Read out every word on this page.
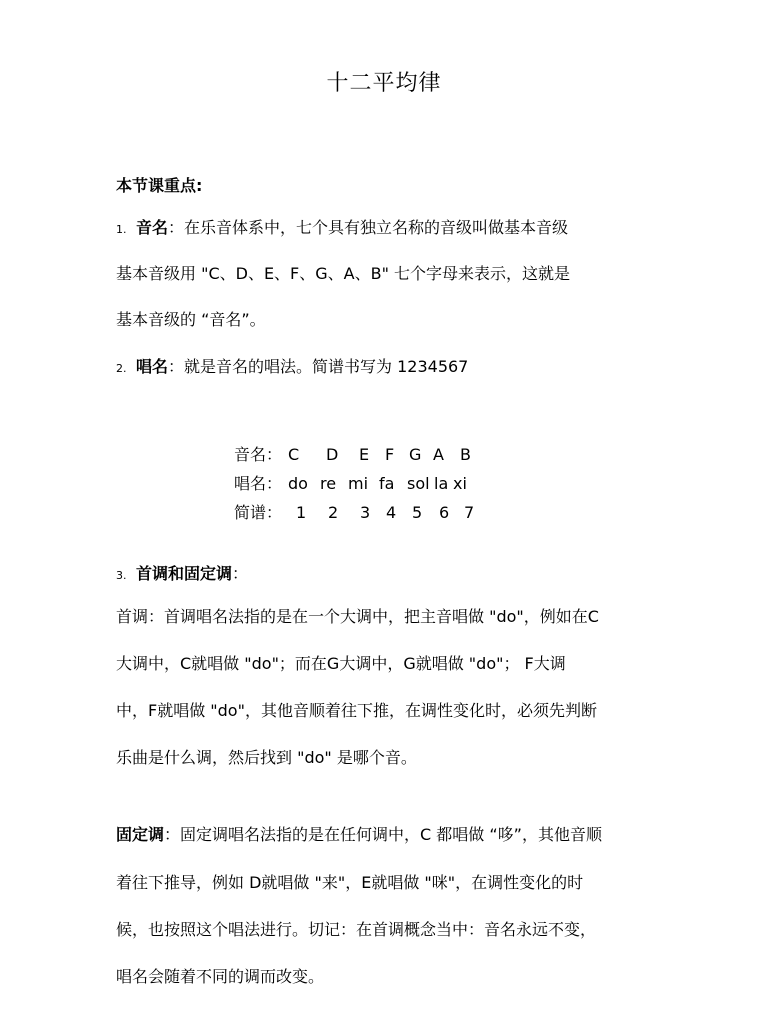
十二平均律
本节课重点:
1. 音名：在乐音体系中，七个具有独立名称的音级叫做基本音级
基本音级用 "C、D、E、F、G、A、B" 七个字母来表示，这就是
基本音级的 “音名”。
2. 唱名：就是音名的唱法。简谱书写为 1234567
音名： C D E F G A B
唱名： do re mi fa sol la xi
简谱： 1 2 3 4 5 6 7
3. 首调和固定调：
首调：首调唱名法指的是在一个大调中，把主音唱做 "do"，例如在C
大调中，C就唱做 "do"；而在G大调中，G就唱做 "do"； F大调
中，F就唱做 "do"，其他音顺着往下推，在调性变化时，必须先判断
乐曲是什么调，然后找到 "do" 是哪个音。
固定调：固定调唱名法指的是在任何调中，C 都唱做 “哆”，其他音顺
着往下推导，例如 D就唱做 "来"，E就唱做 "咪"，在调性变化的时
候，也按照这个唱法进行。切记：在首调概念当中：音名永远不变，
唱名会随着不同的调而改变。
